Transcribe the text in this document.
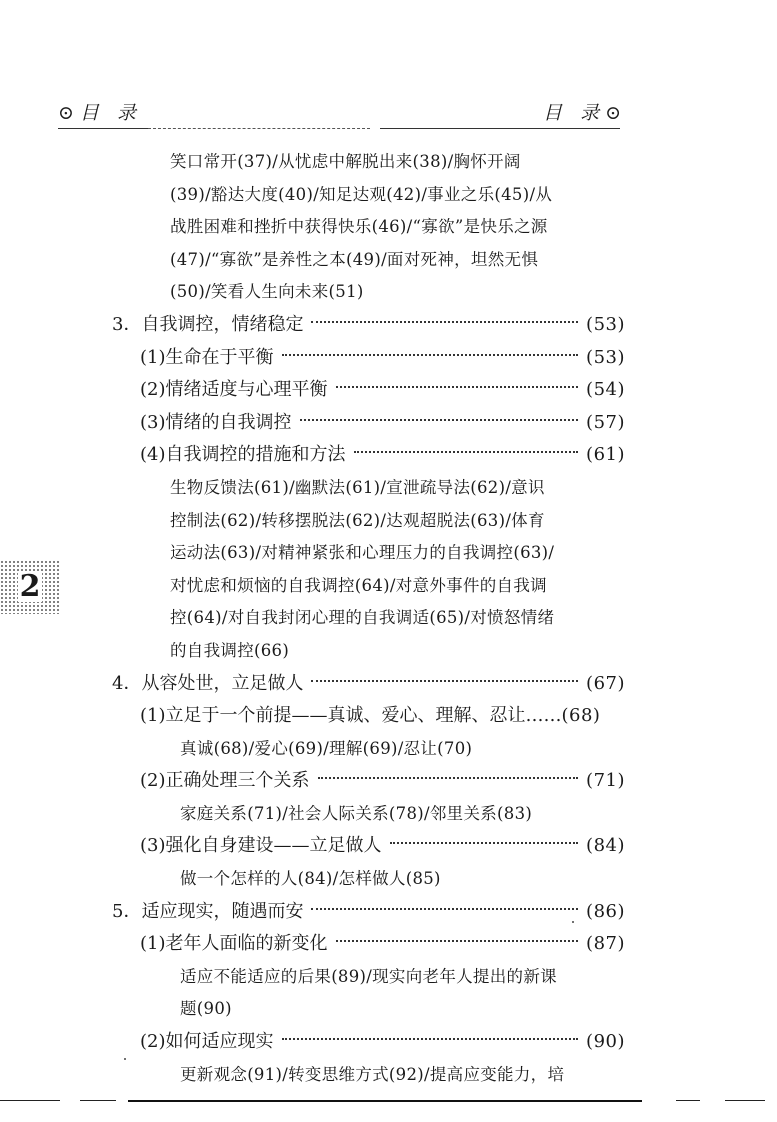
⊙目 录	目 录⊙
2
笑口常开(37)/从忧虑中解脱出来(38)/胸怀开阔
(39)/豁达大度(40)/知足达观(42)/事业之乐(45)/从
战胜困难和挫折中获得快乐(46)/“寡欲”是快乐之源
(47)/“寡欲”是养性之本(49)/面对死神，坦然无惧
(50)/笑看人生向未来(51)
3．自我调控，情绪稳定	(53)
(1)生命在于平衡	(53)
(2)情绪适度与心理平衡	(54)
(3)情绪的自我调控	(57)
(4)自我调控的措施和方法	(61)
生物反馈法(61)/幽默法(61)/宣泄疏导法(62)/意识
控制法(62)/转移摆脱法(62)/达观超脱法(63)/体育
运动法(63)/对精神紧张和心理压力的自我调控(63)/
对忧虑和烦恼的自我调控(64)/对意外事件的自我调
控(64)/对自我封闭心理的自我调适(65)/对愤怒情绪
的自我调控(66)
4．从容处世，立足做人	(67)
(1)立足于一个前提——真诚、爱心、理解、忍让…… (68)
真诚(68)/爱心(69)/理解(69)/忍让(70)
(2)正确处理三个关系	(71)
家庭关系(71)/社会人际关系(78)/邻里关系(83)
(3)强化自身建设——立足做人	(84)
做一个怎样的人(84)/怎样做人(85)
5．适应现实，随遇而安	(86)
(1)老年人面临的新变化	(87)
适应不能适应的后果(89)/现实向老年人提出的新课
题(90)
(2)如何适应现实	(90)
更新观念(91)/转变思维方式(92)/提高应变能力，培
